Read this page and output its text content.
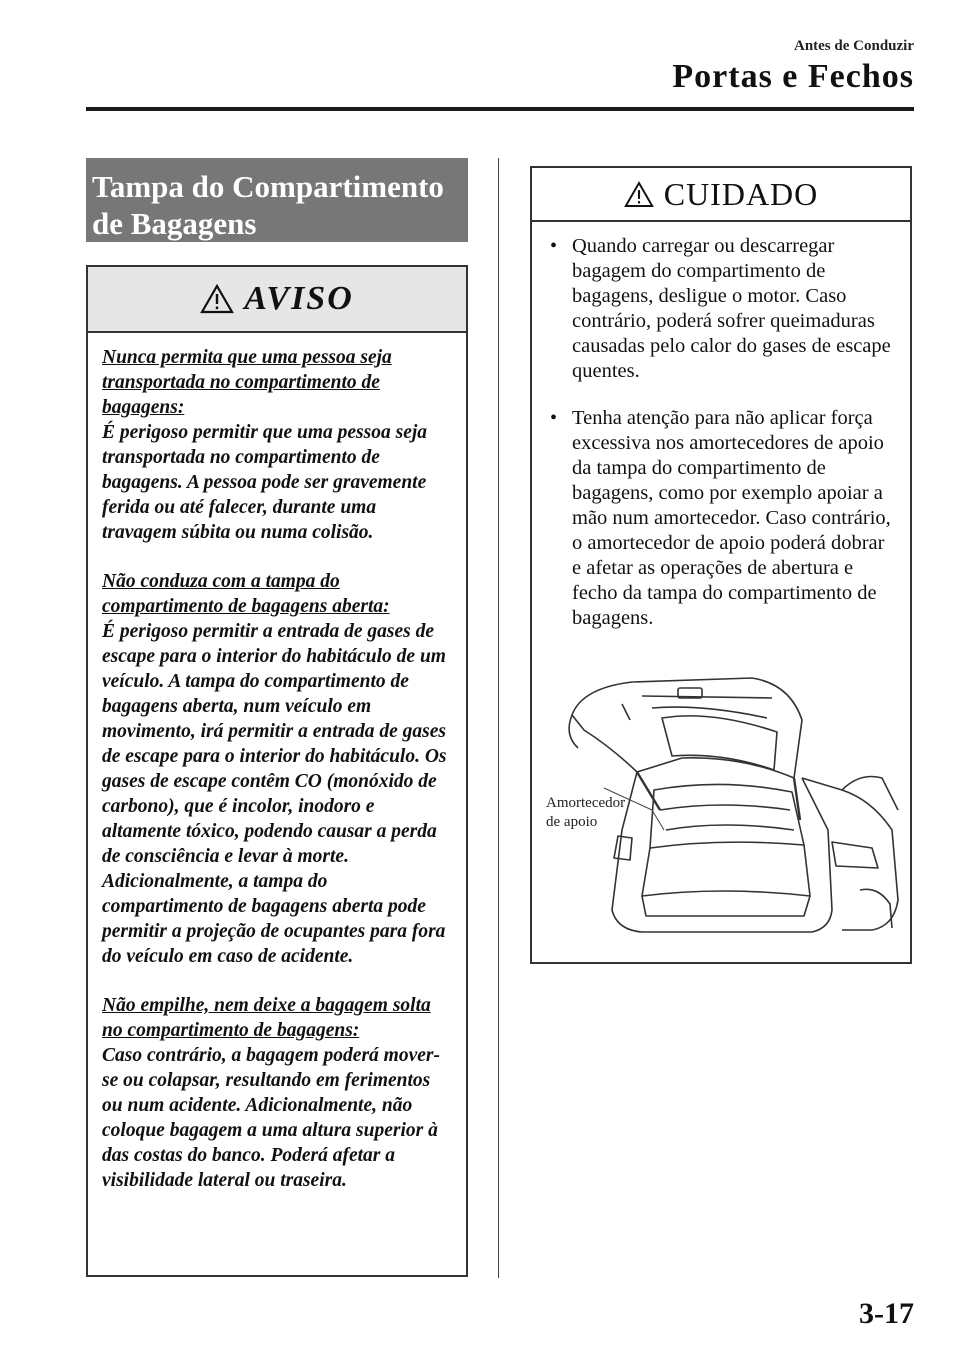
Antes de Conduzir
Portas e Fechos
Tampa do Compartimento
de Bagagens
AVISO

Nunca permita que uma pessoa seja transportada no compartimento de bagagens:
É perigoso permitir que uma pessoa seja transportada no compartimento de bagagens. A pessoa pode ser gravemente ferida ou até falecer, durante uma travagem súbita ou numa colisão.

Não conduza com a tampa do compartimento de bagagens aberta:
É perigoso permitir a entrada de gases de escape para o interior do habitáculo de um veículo. A tampa do compartimento de bagagens aberta, num veículo em movimento, irá permitir a entrada de gases de escape para o interior do habitáculo. Os gases de escape contêm CO (monóxido de carbono), que é incolor, inodoro e altamente tóxico, podendo causar a perda de consciência e levar à morte. Adicionalmente, a tampa do compartimento de bagagens aberta pode permitir a projeção de ocupantes para fora do veículo em caso de acidente.

Não empilhe, nem deixe a bagagem solta no compartimento de bagagens:
Caso contrário, a bagagem poderá mover-se ou colapsar, resultando em ferimentos ou num acidente. Adicionalmente, não coloque bagagem a uma altura superior à das costas do banco. Poderá afetar a visibilidade lateral ou traseira.

CUIDADO
• Quando carregar ou descarregar bagagem do compartimento de bagagens, desligue o motor. Caso contrário, poderá sofrer queimaduras causadas pelo calor do gases de escape quentes.
• Tenha atenção para não aplicar força excessiva nos amortecedores de apoio da tampa do compartimento de bagagens, como por exemplo apoiar a mão num amortecedor. Caso contrário, o amortecedor de apoio poderá dobrar e afetar as operações de abertura e fecho da tampa do compartimento de bagagens.
Amortecedor
de apoio
3-17
